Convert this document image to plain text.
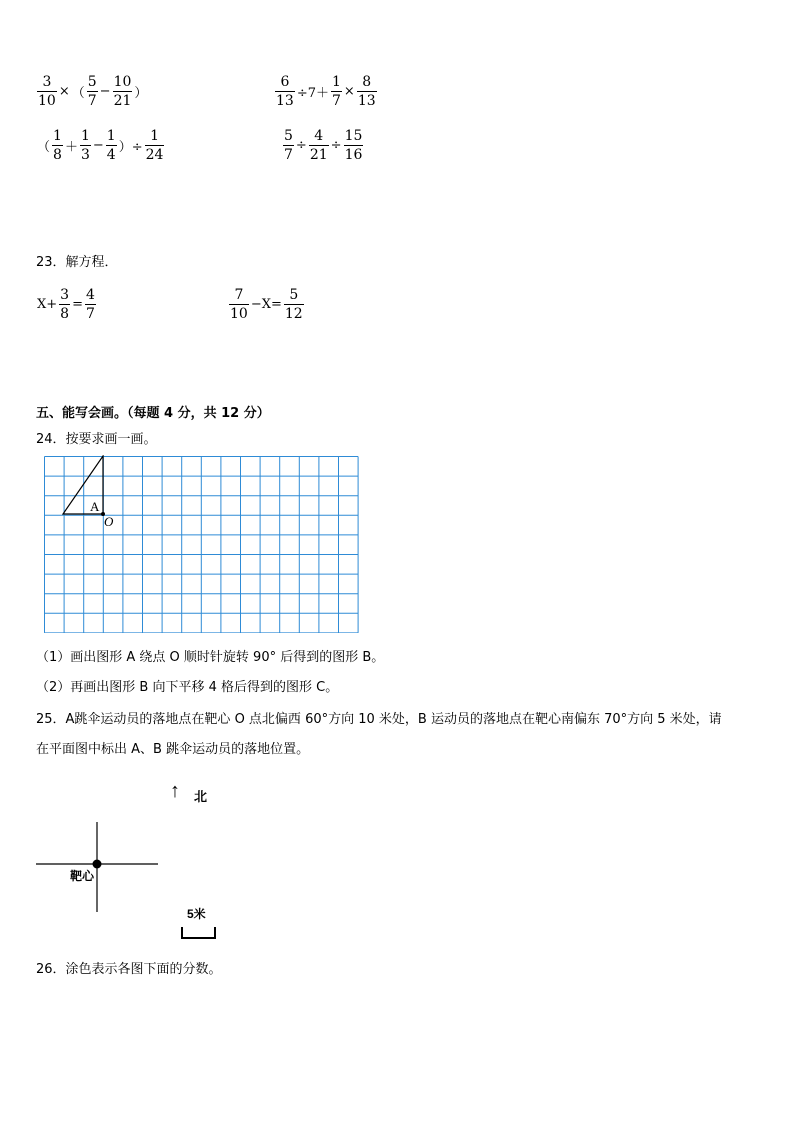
$\frac{3}{10}$ × （ $\frac{5}{7} - \frac{10}{21}$ ）	$\frac{6}{13} \div 7+ \frac{1}{7} \times \frac{8}{13}$
（ $\frac{1}{8} + \frac{1}{3} - \frac{1}{4}$ ）÷ $\frac{1}{24}$	$\frac{5}{7} \div \frac{4}{21} \div \frac{15}{16}$
23．解方程．
$X+ \frac{3}{8} = \frac{4}{7}$	$\frac{7}{10} -X= \frac{5}{12}$
五、能写会画。（每题 4 分，共 12 分）
24．按要求画一画。
A
O
（1）画出图形 A 绕点 O 顺时针旋转 90° 后得到的图形 B。
（2）再画出图形 B 向下平移 4 格后得到的图形 C。
25．A跳伞运动员的落地点在靶心 O 点北偏西 60°方向 10 米处，B 运动员的落地点在靶心南偏东 70°方向 5 米处，请
在平面图中标出 A、B 跳伞运动员的落地位置。
↑ 北
靶心
5米
26．涂色表示各图下面的分数。
